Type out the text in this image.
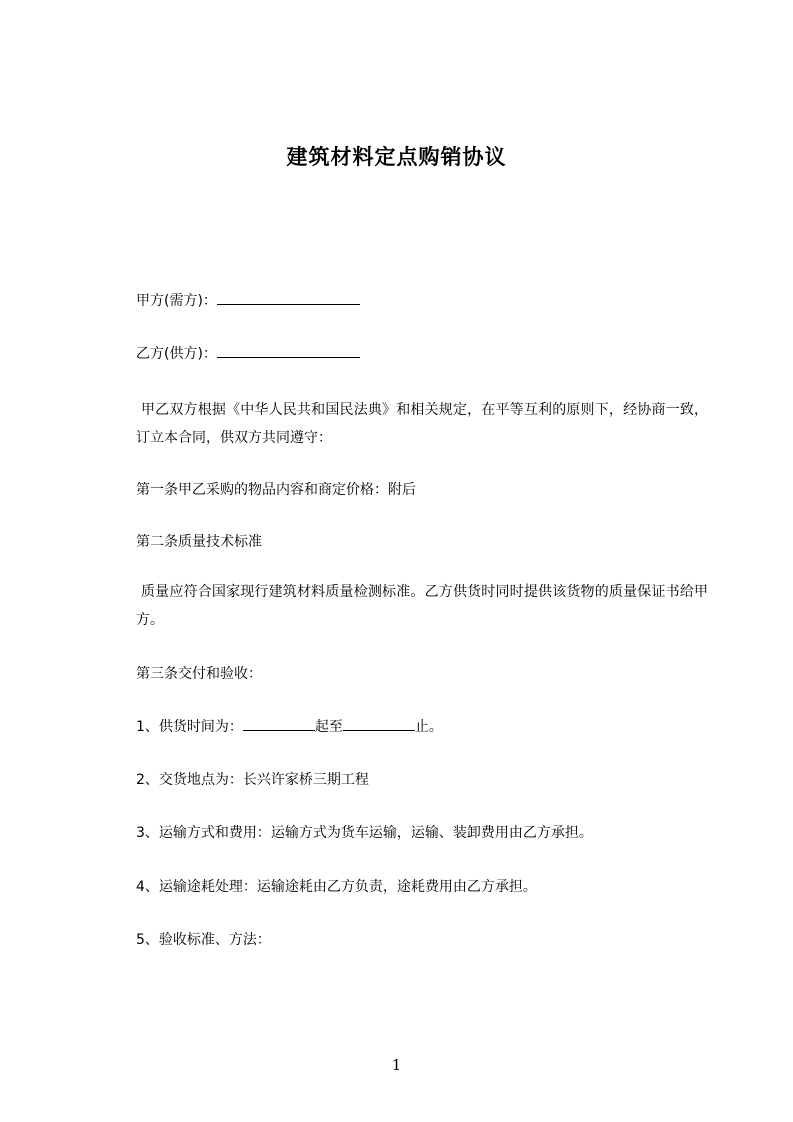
建筑材料定点购销协议
甲方(需方)：
乙方(供方)：
甲乙双方根据《中华人民共和国民法典》和相关规定，在平等互利的原则下，经协商一致，订立本合同，供双方共同遵守：
第一条甲乙采购的物品内容和商定价格：附后
第二条质量技术标准
质量应符合国家现行建筑材料质量检测标准。乙方供货时同时提供该货物的质量保证书给甲方。
第三条交付和验收：
1、供货时间为：	起至	止。
2、交货地点为：长兴许家桥三期工程
3、运输方式和费用：运输方式为货车运输，运输、装卸费用由乙方承担。
4、运输途耗处理：运输途耗由乙方负责，途耗费用由乙方承担。
5、验收标准、方法：
1
